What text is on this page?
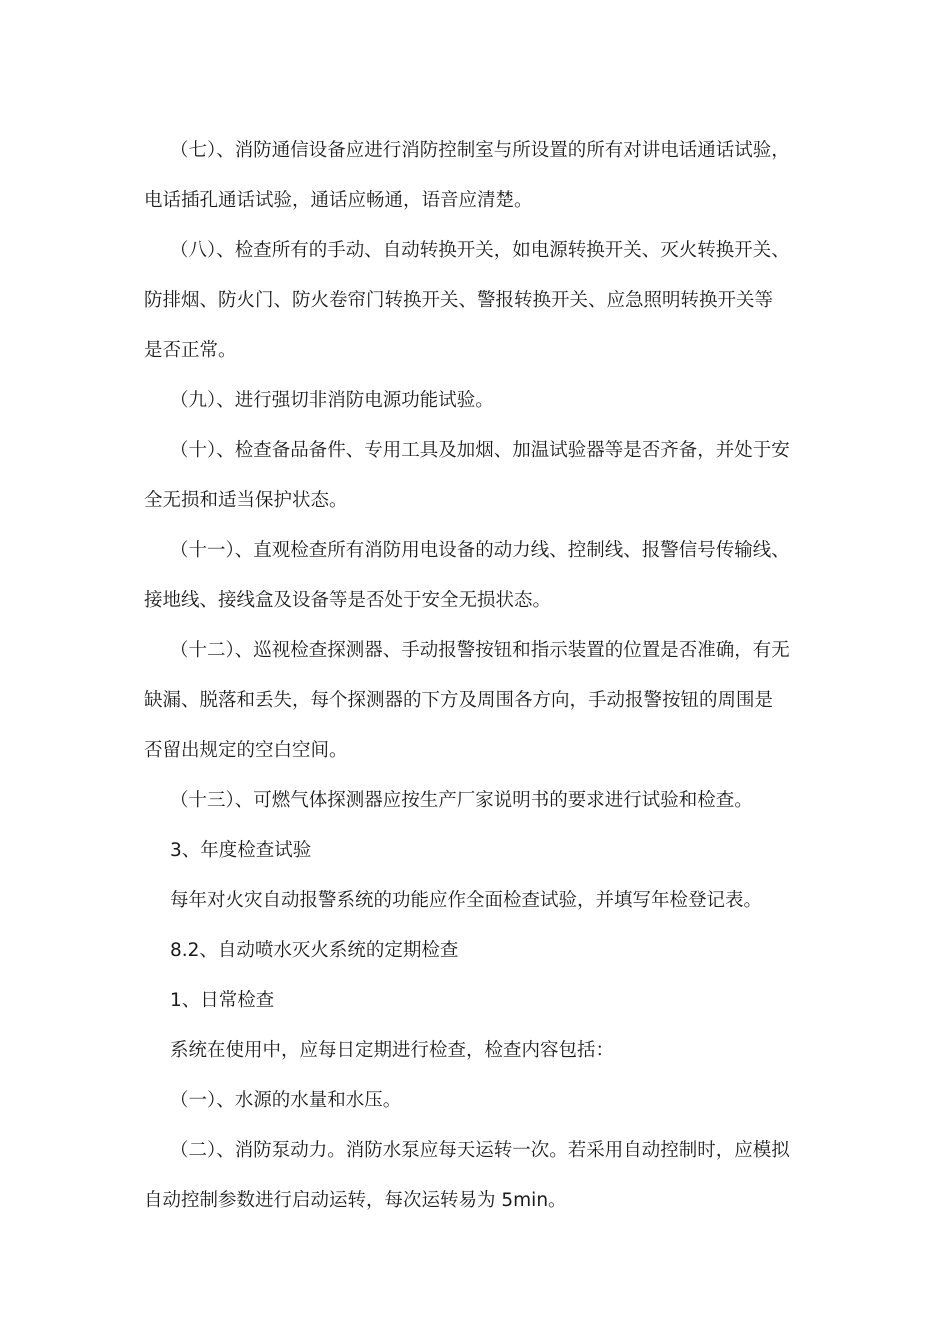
（七）、消防通信设备应进行消防控制室与所设置的所有对讲电话通话试验，
电话插孔通话试验，通话应畅通，语音应清楚。
（八）、检查所有的手动、自动转换开关，如电源转换开关、灭火转换开关、
防排烟、防火门、防火卷帘门转换开关、警报转换开关、应急照明转换开关等
是否正常。
（九）、进行强切非消防电源功能试验。
（十）、检查备品备件、专用工具及加烟、加温试验器等是否齐备，并处于安
全无损和适当保护状态。
（十一）、直观检查所有消防用电设备的动力线、控制线、报警信号传输线、
接地线、接线盒及设备等是否处于安全无损状态。
（十二）、巡视检查探测器、手动报警按钮和指示装置的位置是否准确，有无
缺漏、脱落和丢失，每个探测器的下方及周围各方向，手动报警按钮的周围是
否留出规定的空白空间。
（十三）、可燃气体探测器应按生产厂家说明书的要求进行试验和检查。
3、年度检查试验
每年对火灾自动报警系统的功能应作全面检查试验，并填写年检登记表。
8.2、自动喷水灭火系统的定期检查
1、日常检查
系统在使用中，应每日定期进行检查，检查内容包括：
（一）、水源的水量和水压。
（二）、消防泵动力。消防水泵应每天运转一次。若采用自动控制时，应模拟
自动控制参数进行启动运转，每次运转易为 5min。
